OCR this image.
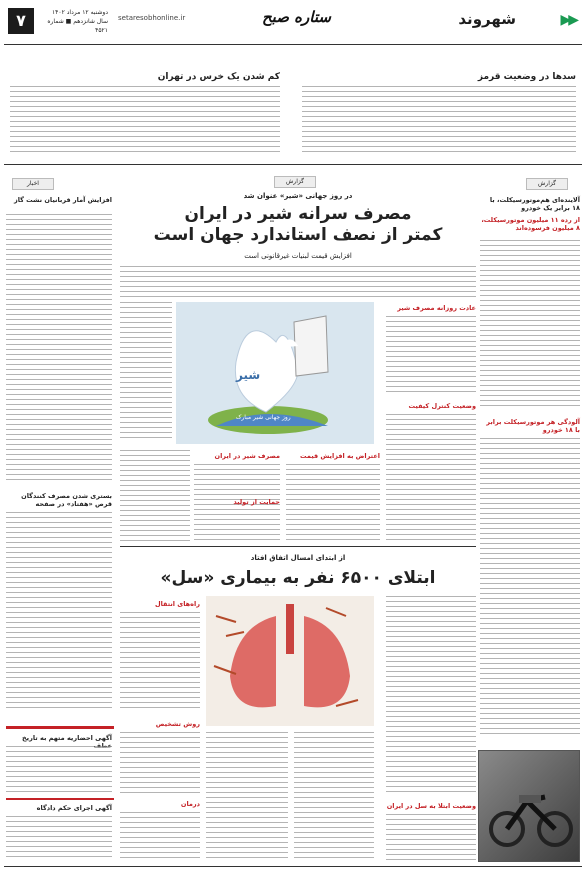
۷	دوشنبه ۱۲ مرداد ۱۴۰۲
سال شانزدهم ■ شماره ۴۵۲۱
setaresobhonline.ir	ستاره صبح	شهروند	▶▶
سدها در وضعیت قرمز
کم شدن یک خرس در تهران
گزارش
آلاینده‌ای هم‌موتورسیکلت، با ۱۸ برابر یک خودرو
از رده ۱۱ میلیون موتورسیکلت، ۸ میلیون فرسوده‌اند
آلودگی هر موتورسیکلت برابر با ۱۸ خودرو
اخبار
افزایش آمار قربانیان نشت گاز
بستری شدن مصرف کنندگان قرص «هفتاد» در صفحه
آگهی احضاریه متهم به تاریخ
آگهی اجرای حکم دادگاه
گزارش
در روز جهانی «شیر» عنوان شد
مصرف سرانه شیر در ایران
کمتر از نصف استاندارد جهان است
افزایش قیمت لبنیات غیرقانونی است
شیر
روز جهانی شیر مبارک
عادت روزانه مصرف شیر
وضعیت کنترل کیفیت
مصرف شیر در ایران	اعتراض به افزایش قیمت
حمایت از تولید
از ابتدای امسال اتفاق افتاد
ابتلای ۶۵۰۰ نفر به بیماری «سل»
راه‌های انتقال
روش تشخیص
درمان	وضعیت ابتلا به سل در ایران
